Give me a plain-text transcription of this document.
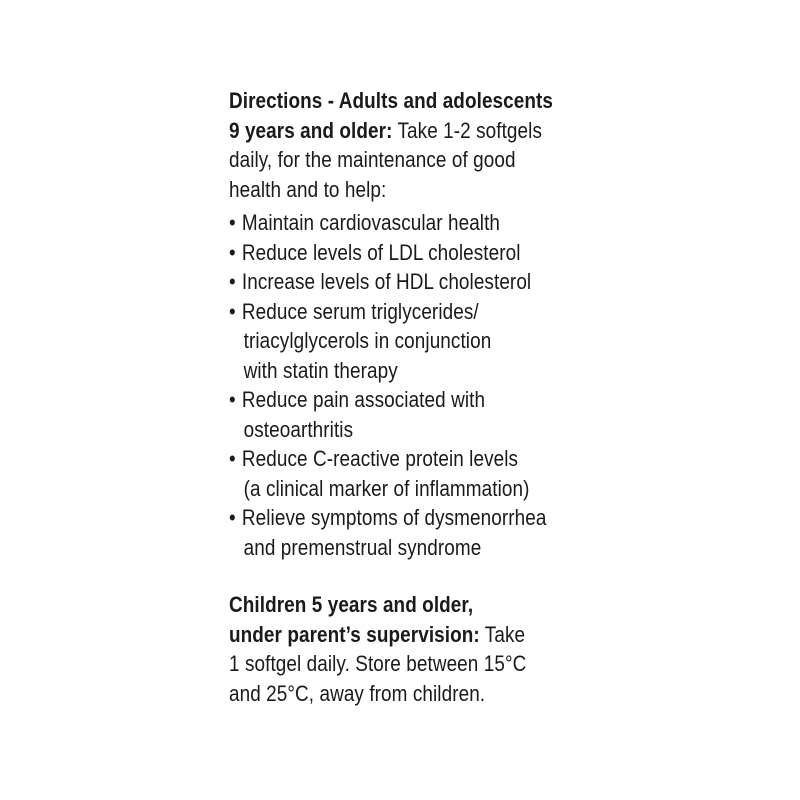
Directions - Adults and adolescents
9 years and older: Take 1-2 softgels
daily, for the maintenance of good
health and to help:
• Maintain cardiovascular health
• Reduce levels of LDL cholesterol
• Increase levels of HDL cholesterol
• Reduce serum triglycerides/
triacylglycerols in conjunction
with statin therapy
• Reduce pain associated with
osteoarthritis
• Reduce C-reactive protein levels
(a clinical marker of inflammation)
• Relieve symptoms of dysmenorrhea
and premenstrual syndrome
Children 5 years and older,
under parent’s supervision: Take
1 softgel daily. Store between 15°C
and 25°C, away from children.
